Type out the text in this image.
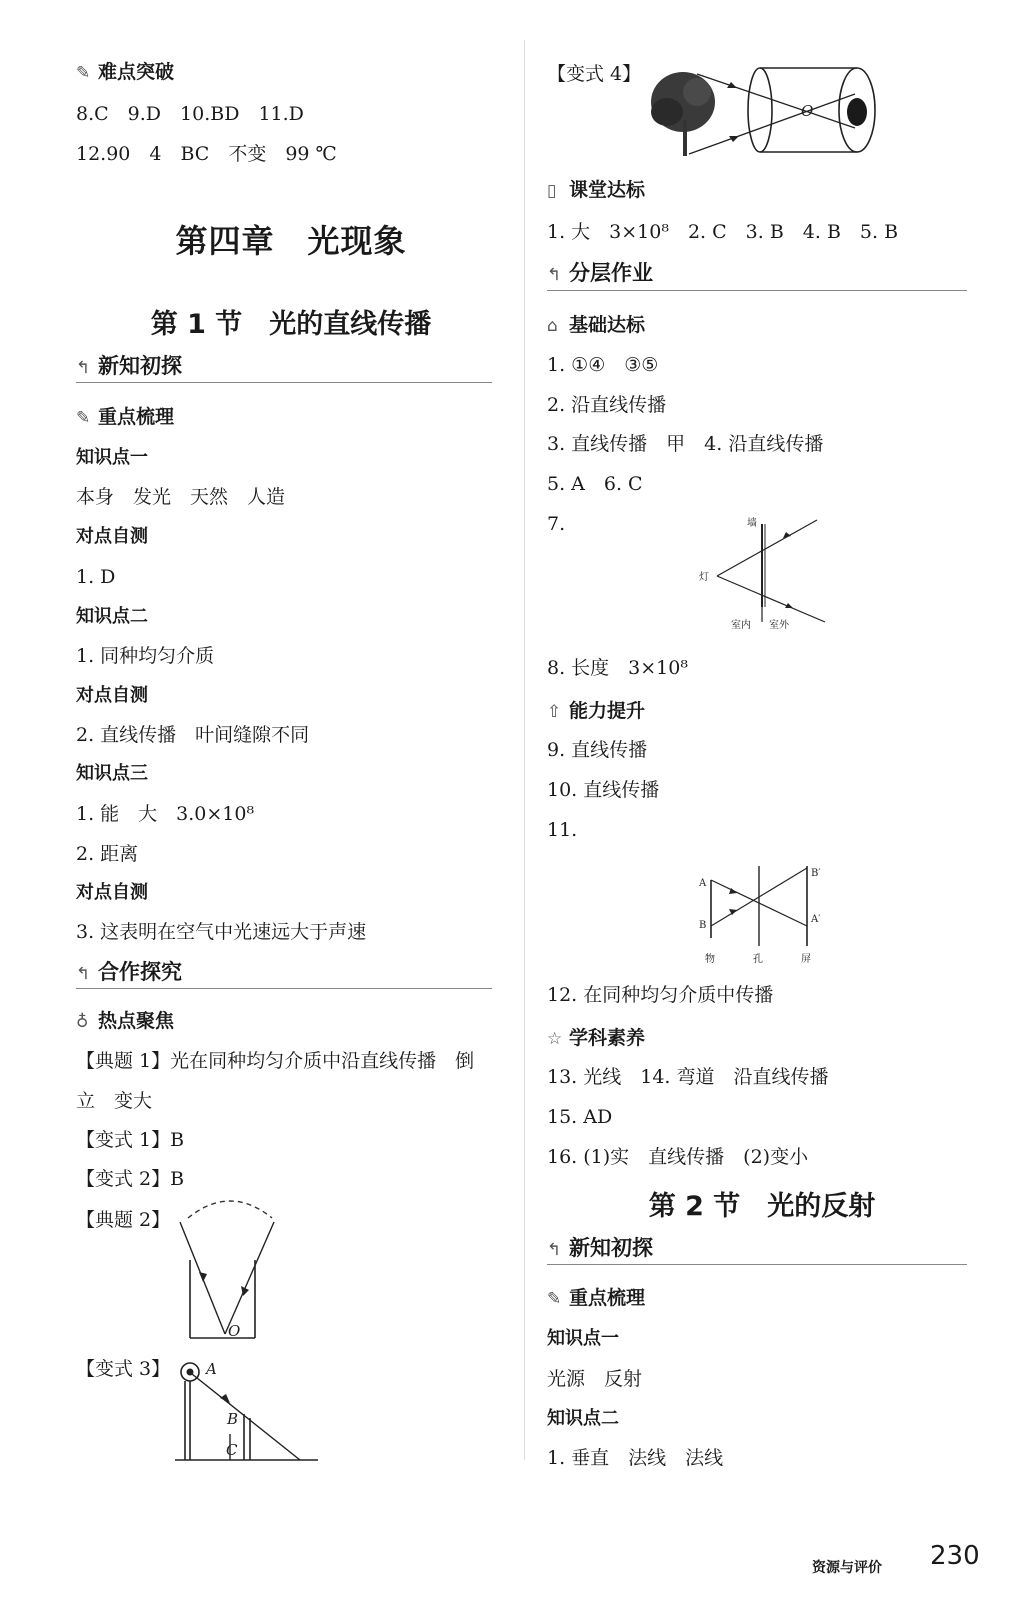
✎ 难点突破
8.C　9.D　10.BD　11.D
12.90　4　BC　不变　99 ℃
第四章　光现象
第 1 节　光的直线传播
↰ 新知初探
✎ 重点梳理
知识点一
本身　发光　天然　人造
对点自测
1. D
知识点二
1. 同种均匀介质
对点自测
2. 直线传播　叶间缝隙不同
知识点三
1. 能　大　3.0×10⁸
2. 距离
对点自测
3. 这表明在空气中光速远大于声速
↰ 合作探究
♁ 热点聚焦
【典题 1】光在同种均匀介质中沿直线传播　倒
立　变大
【变式 1】B
【变式 2】B
【典题 2】
【变式 3】
O
A
B
C
【变式 4】
▯ 课堂达标
1. 大　3×10⁸　2. C　3. B　4. B　5. B
↰ 分层作业
⌂ 基础达标
1. ①④　③⑤
2. 沿直线传播
3. 直线传播　甲　4. 沿直线传播
5. A　6. C
7.
8. 长度　3×10⁸
⇧ 能力提升
9. 直线传播
10. 直线传播
11.
12. 在同种均匀介质中传播
☆ 学科素养
13. 光线　14. 弯道　沿直线传播
15. AD
16. (1)实　直线传播　(2)变小
第 2 节　光的反射
↰ 新知初探
✎ 重点梳理
知识点一
光源　反射
知识点二
1. 垂直　法线　法线
O
墙
灯
室内 室外
A
B
B′
A′
物	孔	屏
资源与评价 230
